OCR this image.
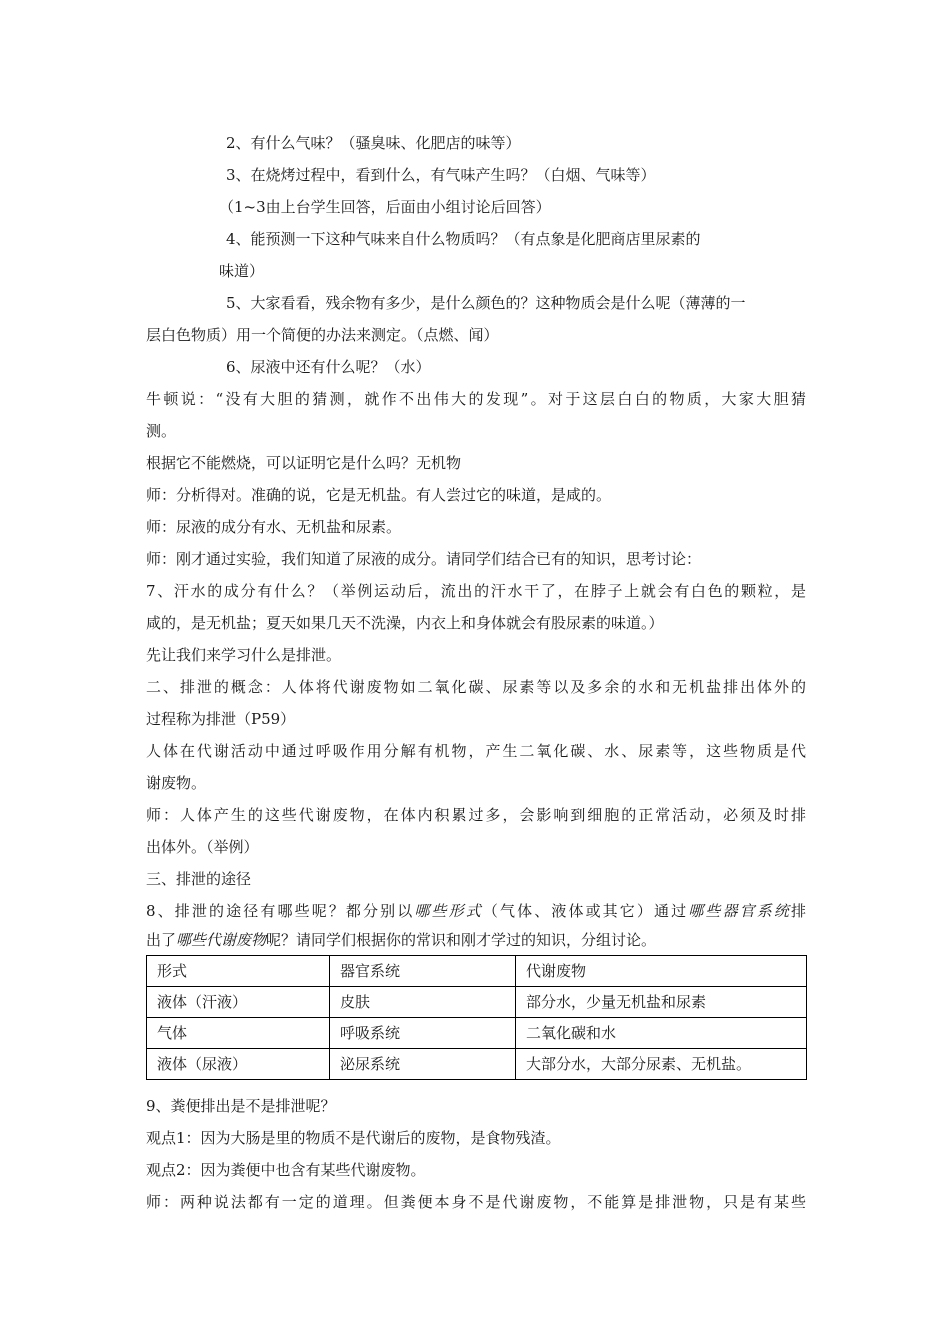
2、有什么气味？（骚臭味、化肥店的味等）
3、在烧烤过程中，看到什么，有气味产生吗？（白烟、气味等）
（1~3由上台学生回答，后面由小组讨论后回答）
4、能预测一下这种气味来自什么物质吗？（有点象是化肥商店里尿素的
味道）
5、大家看看，残余物有多少，是什么颜色的？这种物质会是什么呢（薄薄的一
层白色物质）用一个简便的办法来测定。（点燃、闻）
6、尿液中还有什么呢？（水）
牛顿说：“没有大胆的猜测，就作不出伟大的发现”。对于这层白白的物质，大家大胆猜
测。
根据它不能燃烧，可以证明它是什么吗？无机物
师：分析得对。准确的说，它是无机盐。有人尝过它的味道，是咸的。
师：尿液的成分有水、无机盐和尿素。
师：刚才通过实验，我们知道了尿液的成分。请同学们结合已有的知识，思考讨论：
7、汗水的成分有什么？（举例运动后，流出的汗水干了，在脖子上就会有白色的颗粒，是
咸的，是无机盐；夏天如果几天不洗澡，内衣上和身体就会有股尿素的味道。）
先让我们来学习什么是排泄。
二、排泄的概念：人体将代谢废物如二氧化碳、尿素等以及多余的水和无机盐排出体外的
过程称为排泄（P59）
人体在代谢活动中通过呼吸作用分解有机物，产生二氧化碳、水、尿素等，这些物质是代
谢废物。
师：人体产生的这些代谢废物，在体内积累过多，会影响到细胞的正常活动，必须及时排
出体外。（举例）
三、排泄的途径
8、排泄的途径有哪些呢？都分别以哪些形式（气体、液体或其它）通过哪些器官系统排
出了哪些代谢废物呢？请同学们根据你的常识和刚才学过的知识，分组讨论。
形式	器官系统	代谢废物
液体（汗液）	皮肤	部分水，少量无机盐和尿素
气体	呼吸系统	二氧化碳和水
液体（尿液）	泌尿系统	大部分水，大部分尿素、无机盐。
9、粪便排出是不是排泄呢？
观点1：因为大肠是里的物质不是代谢后的废物，是食物残渣。
观点2：因为粪便中也含有某些代谢废物。
师：两种说法都有一定的道理。但粪便本身不是代谢废物，不能算是排泄物，只是有某些
